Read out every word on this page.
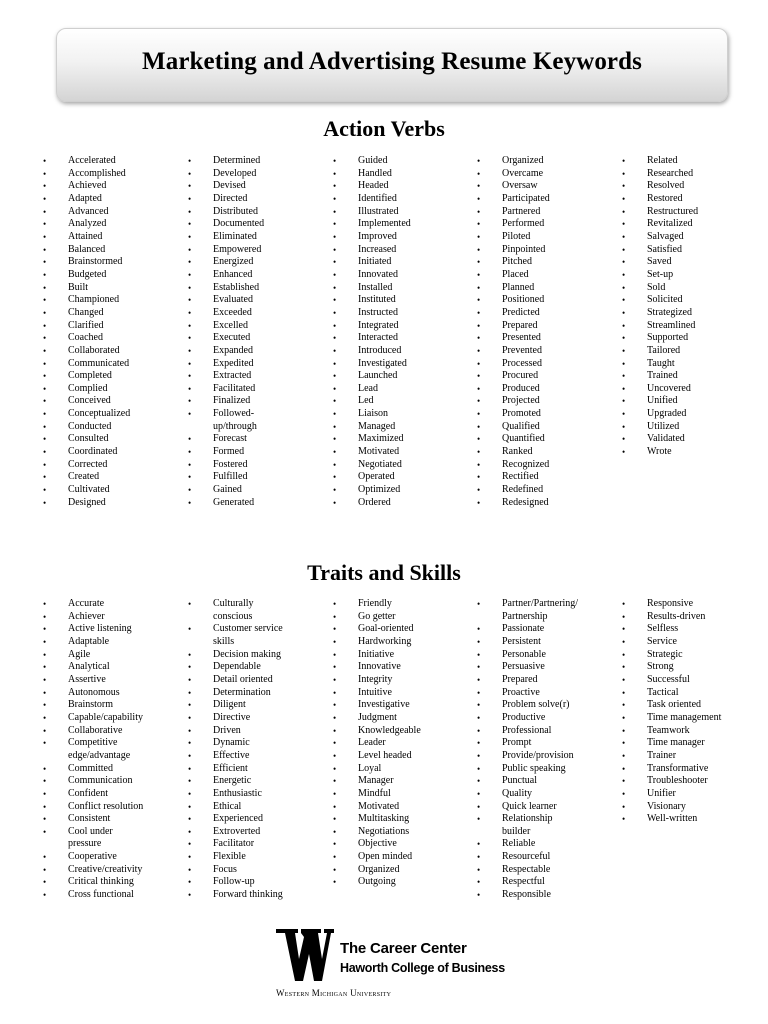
Marketing and Advertising Resume Keywords
Action Verbs
• Accelerated
• Accomplished
• Achieved
• Adapted
• Advanced
• Analyzed
• Attained
• Balanced
• Brainstormed
• Budgeted
• Built
• Championed
• Changed
• Clarified
• Coached
• Collaborated
• Communicated
• Completed
• Complied
• Conceived
• Conceptualized
• Conducted
• Consulted
• Coordinated
• Corrected
• Created
• Cultivated
• Designed
• Determined
• Developed
• Devised
• Directed
• Distributed
• Documented
• Eliminated
• Empowered
• Energized
• Enhanced
• Established
• Evaluated
• Exceeded
• Excelled
• Executed
• Expanded
• Expedited
• Extracted
• Facilitated
• Finalized
• Followed-
up/through
• Forecast
• Formed
• Fostered
• Fulfilled
• Gained
• Generated
• Guided
• Handled
• Headed
• Identified
• Illustrated
• Implemented
• Improved
• Increased
• Initiated
• Innovated
• Installed
• Instituted
• Instructed
• Integrated
• Interacted
• Introduced
• Investigated
• Launched
• Lead
• Led
• Liaison
• Managed
• Maximized
• Motivated
• Negotiated
• Operated
• Optimized
• Ordered
• Organized
• Overcame
• Oversaw
• Participated
• Partnered
• Performed
• Piloted
• Pinpointed
• Pitched
• Placed
• Planned
• Positioned
• Predicted
• Prepared
• Presented
• Prevented
• Processed
• Procured
• Produced
• Projected
• Promoted
• Qualified
• Quantified
• Ranked
• Recognized
• Rectified
• Redefined
• Redesigned
• Related
• Researched
• Resolved
• Restored
• Restructured
• Revitalized
• Salvaged
• Satisfied
• Saved
• Set-up
• Sold
• Solicited
• Strategized
• Streamlined
• Supported
• Tailored
• Taught
• Trained
• Uncovered
• Unified
• Upgraded
• Utilized
• Validated
• Wrote
Traits and Skills
• Accurate
• Achiever
• Active listening
• Adaptable
• Agile
• Analytical
• Assertive
• Autonomous
• Brainstorm
• Capable/capability
• Collaborative
• Competitive
edge/advantage
• Committed
• Communication
• Confident
• Conflict resolution
• Consistent
• Cool under
pressure
• Cooperative
• Creative/creativity
• Critical thinking
• Cross functional
• Culturally
conscious
• Customer service
skills
• Decision making
• Dependable
• Detail oriented
• Determination
• Diligent
• Directive
• Driven
• Dynamic
• Effective
• Efficient
• Energetic
• Enthusiastic
• Ethical
• Experienced
• Extroverted
• Facilitator
• Flexible
• Focus
• Follow-up
• Forward thinking
• Friendly
• Go getter
• Goal-oriented
• Hardworking
• Initiative
• Innovative
• Integrity
• Intuitive
• Investigative
• Judgment
• Knowledgeable
• Leader
• Level headed
• Loyal
• Manager
• Mindful
• Motivated
• Multitasking
• Negotiations
• Objective
• Open minded
• Organized
• Outgoing
• Partner/Partnering/
Partnership
• Passionate
• Persistent
• Personable
• Persuasive
• Prepared
• Proactive
• Problem solve(r)
• Productive
• Professional
• Prompt
• Provide/provision
• Public speaking
• Punctual
• Quality
• Quick learner
• Relationship
builder
• Reliable
• Resourceful
• Respectable
• Respectful
• Responsible
• Responsive
• Results-driven
• Selfless
• Service
• Strategic
• Strong
• Successful
• Tactical
• Task oriented
• Time management
• Teamwork
• Time manager
• Trainer
• Transformative
• Troubleshooter
• Unifier
• Visionary
• Well-written

The Career Center

Haworth College of Business

Western Michigan University
